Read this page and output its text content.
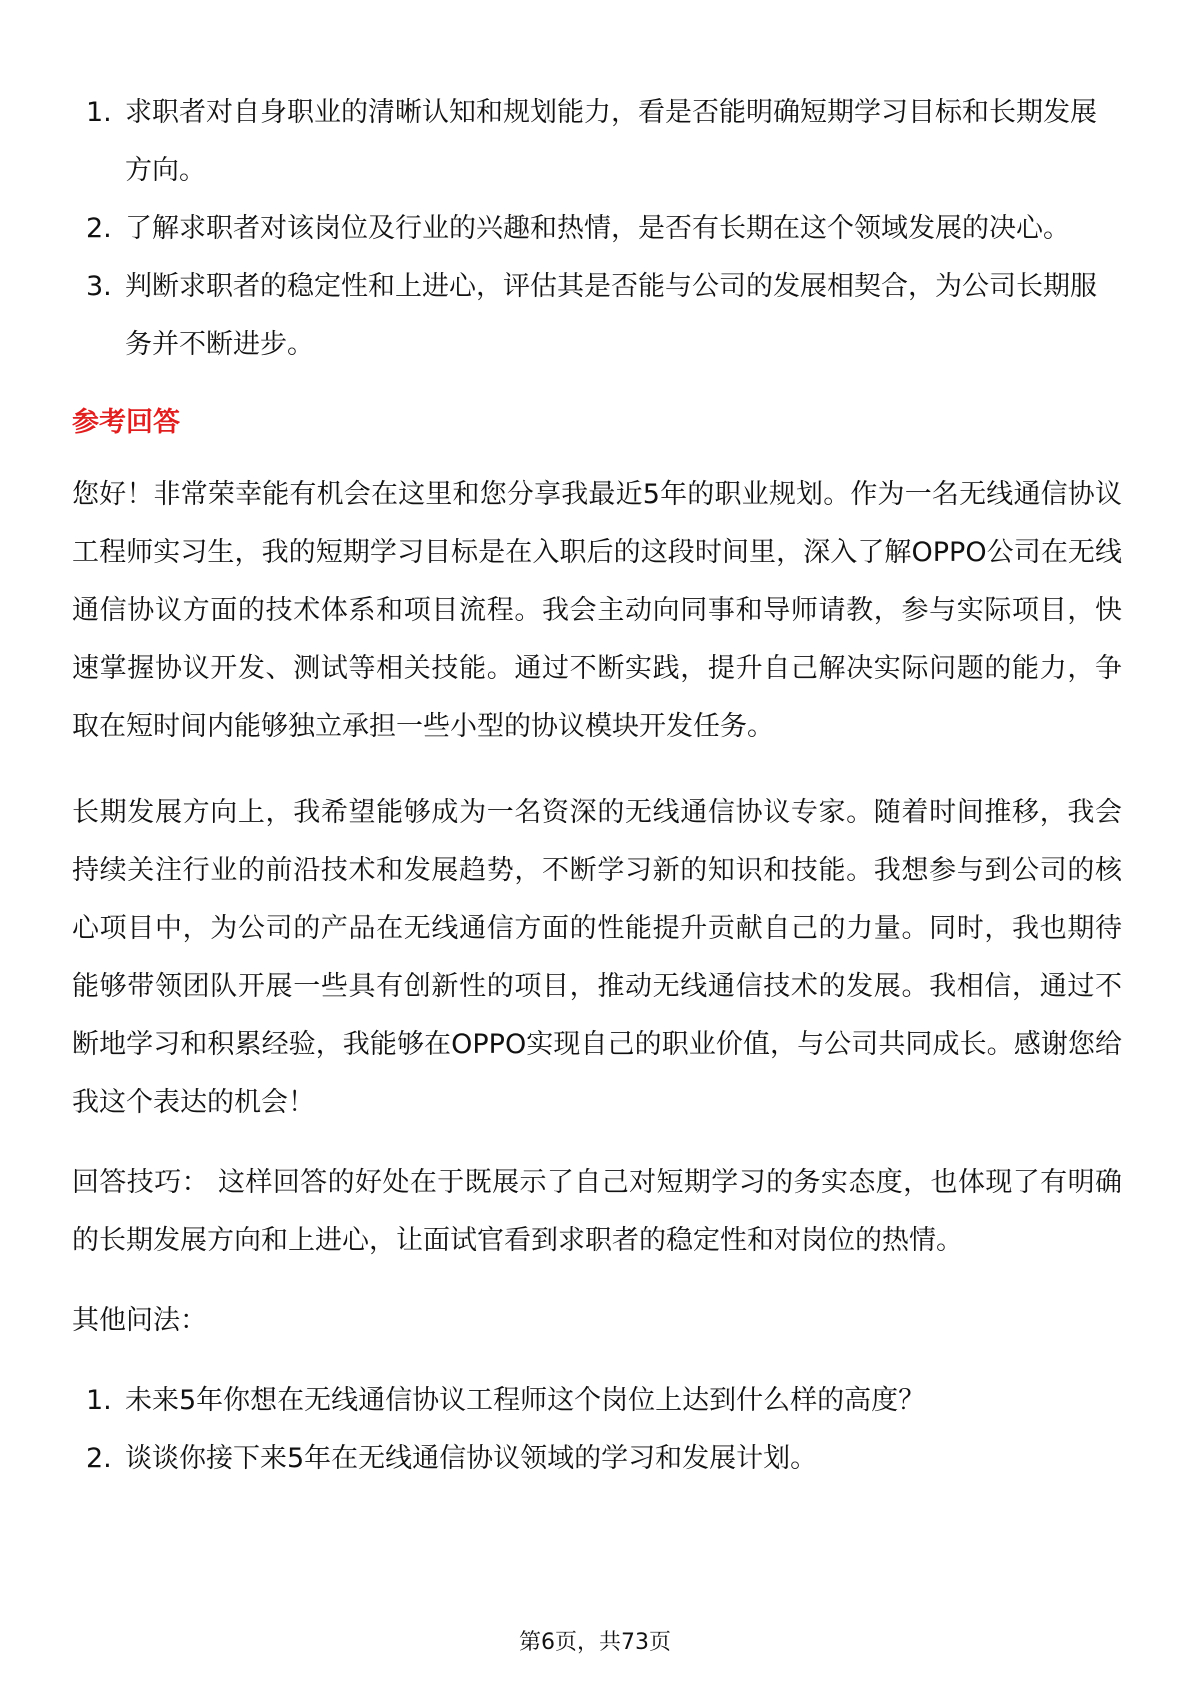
1. 求职者对自身职业的清晰认知和规划能力，看是否能明确短期学习目标和长期发展方向。
2. 了解求职者对该岗位及行业的兴趣和热情，是否有长期在这个领域发展的决心。
3. 判断求职者的稳定性和上进心，评估其是否能与公司的发展相契合，为公司长期服务并不断进步。
参考回答

您好！非常荣幸能有机会在这里和您分享我最近5年的职业规划。作为一名无线通信协议工程师实习生，我的短期学习目标是在入职后的这段时间里，深入了解OPPO公司在无线通信协议方面的技术体系和项目流程。我会主动向同事和导师请教，参与实际项目，快速掌握协议开发、测试等相关技能。通过不断实践，提升自己解决实际问题的能力，争取在短时间内能够独立承担一些小型的协议模块开发任务。

长期发展方向上，我希望能够成为一名资深的无线通信协议专家。随着时间推移，我会持续关注行业的前沿技术和发展趋势，不断学习新的知识和技能。我想参与到公司的核心项目中，为公司的产品在无线通信方面的性能提升贡献自己的力量。同时，我也期待能够带领团队开展一些具有创新性的项目，推动无线通信技术的发展。我相信，通过不断地学习和积累经验，我能够在OPPO实现自己的职业价值，与公司共同成长。感谢您给我这个表达的机会！

回答技巧： 这样回答的好处在于既展示了自己对短期学习的务实态度，也体现了有明确的长期发展方向和上进心，让面试官看到求职者的稳定性和对岗位的热情。

其他问法：

1. 未来5年你想在无线通信协议工程师这个岗位上达到什么样的高度？
2. 谈谈你接下来5年在无线通信协议领域的学习和发展计划。
第6页，共73页
